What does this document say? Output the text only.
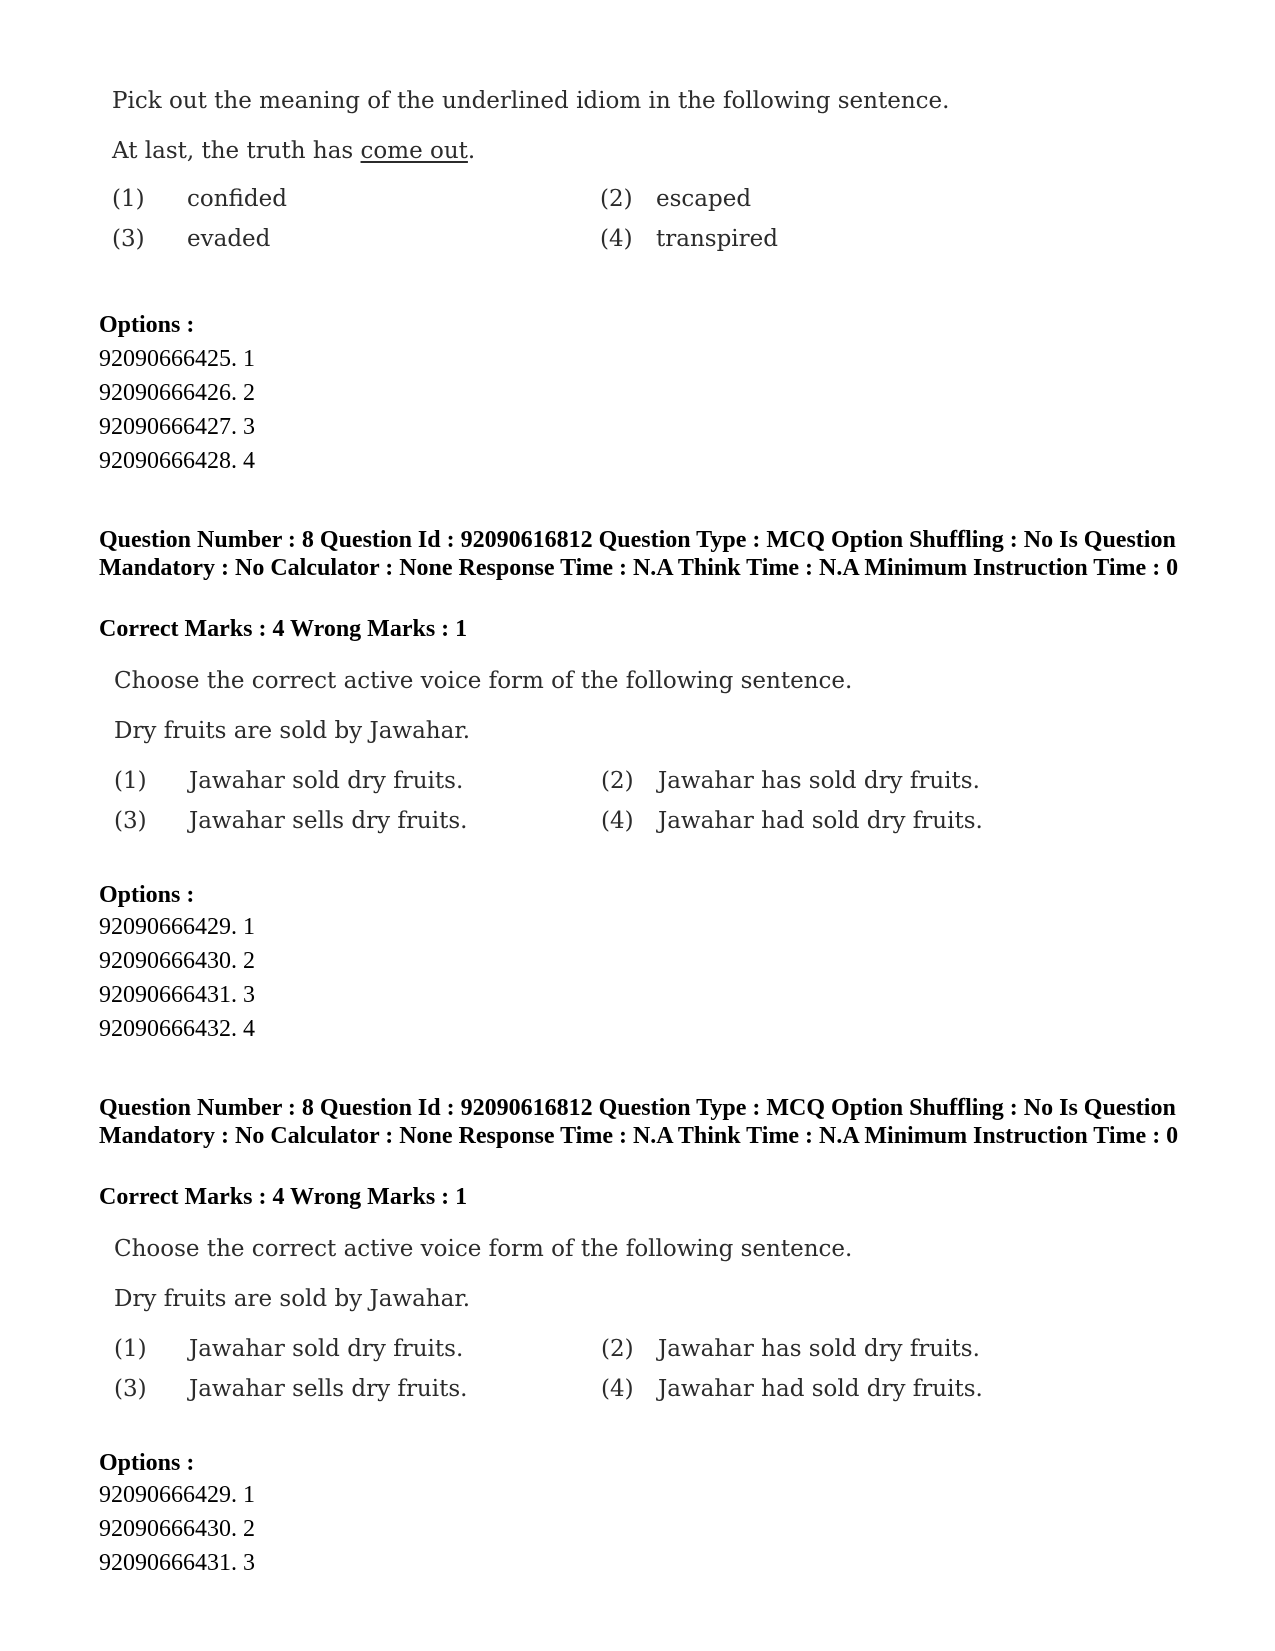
Pick out the meaning of the underlined idiom in the following sentence.
At last, the truth has come out.
(1) confided	(2) escaped
(3) evaded	(4) transpired
Options :
92090666425. 1
92090666426. 2
92090666427. 3
92090666428. 4
Question Number : 8 Question Id : 92090616812 Question Type : MCQ Option Shuffling : No Is Question Mandatory : No Calculator : None Response Time : N.A Think Time : N.A Minimum Instruction Time : 0
Correct Marks : 4 Wrong Marks : 1
Choose the correct active voice form of the following sentence.
Dry fruits are sold by Jawahar.
(1) Jawahar sold dry fruits.	(2) Jawahar has sold dry fruits.
(3) Jawahar sells dry fruits.	(4) Jawahar had sold dry fruits.
Options :
92090666429. 1
92090666430. 2
92090666431. 3
92090666432. 4
Question Number : 8 Question Id : 92090616812 Question Type : MCQ Option Shuffling : No Is Question Mandatory : No Calculator : None Response Time : N.A Think Time : N.A Minimum Instruction Time : 0
Correct Marks : 4 Wrong Marks : 1
Choose the correct active voice form of the following sentence.
Dry fruits are sold by Jawahar.
(1) Jawahar sold dry fruits.	(2) Jawahar has sold dry fruits.
(3) Jawahar sells dry fruits.	(4) Jawahar had sold dry fruits.
Options :
92090666429. 1
92090666430. 2
92090666431. 3
